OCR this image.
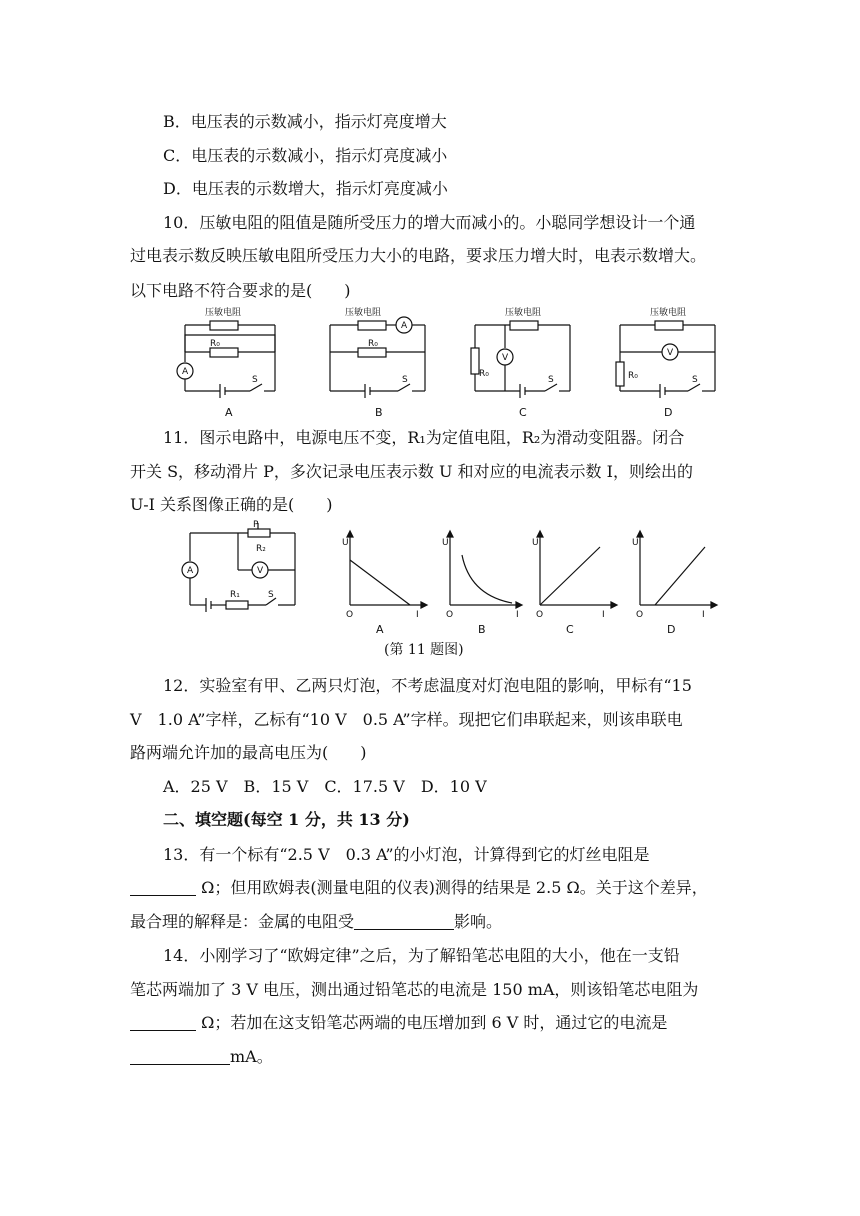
B．电压表的示数减小，指示灯亮度增大
C．电压表的示数减小，指示灯亮度减小
D．电压表的示数增大，指示灯亮度减小
10．压敏电阻的阻值是随所受压力的增大而减小的。小聪同学想设计一个通
过电表示数反映压敏电阻所受压力大小的电路，要求压力增大时，电表示数增大。
以下电路不符合要求的是(　　)
压敏电阻
R₀
A
S
压敏电阻
A
R₀
S
压敏电阻
V
R₀
S
压敏电阻
V
R₀	S
A	B	C	D
11．图示电路中，电源电压不变，R₁为定值电阻，R₂为滑动变阻器。闭合
开关 S，移动滑片 P，多次记录电压表示数 U 和对应的电流表示数 I，则绘出的
U-I 关系图像正确的是(　　)
P
R₂
A	V
R₁	S
U
O	I
U
O	I
U
O	I
U
O	I
A	B	C	D
(第 11 题图)
12．实验室有甲、乙两只灯泡，不考虑温度对灯泡电阻的影响，甲标有“15
V　1.0 A”字样，乙标有“10 V　0.5 A”字样。现把它们串联起来，则该串联电
路两端允许加的最高电压为(　　)
A．25 V　B．15 V　C．17.5 V　D．10 V
二、填空题(每空 1 分，共 13 分)
13．有一个标有“2.5 V　0.3 A”的小灯泡，计算得到它的灯丝电阻是
Ω；但用欧姆表(测量电阻的仪表)测得的结果是 2.5 Ω。关于这个差异，
最合理的解释是：金属的电阻受	影响。
14．小刚学习了“欧姆定律”之后，为了解铅笔芯电阻的大小，他在一支铅
笔芯两端加了 3 V 电压，测出通过铅笔芯的电流是 150 mA，则该铅笔芯电阻为
Ω；若加在这支铅笔芯两端的电压增加到 6 V 时，通过它的电流是
mA。
